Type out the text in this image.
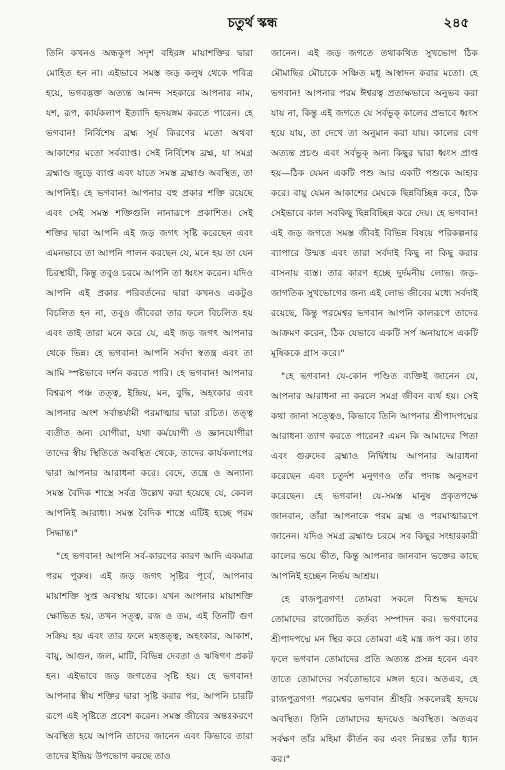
চতুর্থ স্কন্ধ	২৪৫

তিনি কখনও অন্ধকূপ সদৃশ বহিরঙ্গ মায়াশক্তির দ্বারা মোহিত হন না। এইভাবে সমস্ত জড় কলুষ থেকে পবিত্র হয়ে, ভগবদ্ভক্ত অত্যন্ত আনন্দ সহকারে আপনার নাম, যশ, রূপ, কার্যকলাপ ইত্যাদি হৃদয়ঙ্গম করতে পারেন। হে ভগবান! নির্বিশেষ ব্রহ্ম সূর্য কিরণের মতো অথবা আকাশের মতো সর্বব্যাপ্ত। সেই নির্বিশেষ ব্রহ্ম, যা সমগ্র ব্রহ্মাণ্ড জুড়ে ব্যাপ্ত এবং যাতে সমস্ত ব্রহ্মাণ্ড অবস্থিত, তা আপনিই। হে ভগবান! আপনার বহু প্রকার শক্তি রয়েছে এবং সেই সমস্ত শক্তিগুলি নানারূপে প্রকাশিত। সেই শক্তির দ্বারা আপনি এই জড় জগৎ সৃষ্টি করেছেন এবং এমনভাবে তা আপনি পালন করছেন যে, মনে হয় তা যেন চিরস্থায়ী, কিন্তু তবুও চরমে আপনি তা ধ্বংস করেন। যদিও আপনি এই প্রকার পরিবর্তনের দ্বারা কখনও একটুও বিচলিত হন না, তবুও জীবেরা তার ফলে বিচলিত হয় এবং তাই তারা মনে করে যে, এই জড় জগৎ আপনার থেকে ভিন্ন। হে ভগবান! আপনি সর্বদা স্বতন্ত্র এবং তা আমি স্পষ্টভাবে দর্শন করতে পারি। হে ভগবান! আপনার বিশ্বরূপ পঞ্চ তত্ত্ব, ইন্দ্রিয়, মন, বুদ্ধি, অহংকার এবং আপনার অংশ সর্বান্তর্যামী পরমাত্মার দ্বারা রচিত। তত্ত্ব ব্যতীত অন্য যোগীরা, যথা কর্মযোগী ও জ্ঞানযোগীরা তাদের স্বীয় স্থিতিতে অবস্থিত থেকে, তাদের কার্যকলাপের দ্বারা আপনার আরাধনা করে। বেদে, তন্ত্রে ও অন্যান্য সমস্ত বৈদিক শাস্ত্রে সর্বত্র উল্লেখ করা হয়েছে যে, কেবল আপনিই আরাধ্য। সমস্ত বৈদিক শাস্ত্রে এটিই হচ্ছে পরম সিদ্ধান্ত।"

"হে ভগবান! আপনি সর্ব-কারণের কারণ আদি একমাত্র পরম পুরুষ। এই জড় জগৎ সৃষ্টির পূর্বে, আপনার মায়াশক্তি সুপ্ত অবস্থায় থাকে। যখন আপনার মায়াশক্তি ক্ষোভিত হয়, তখন সত্ত্ব, রজ ও তম, এই তিনটি গুণ সক্রিয় হয় এবং তার ফলে মহত্তত্ত্ব, অহংকার, আকাশ, বায়ু, আগুন, জল, মাটি, বিভিন্ন দেবতা ও ঋষিগণ প্রকট হন। এইভাবে জড় জগতের সৃষ্টি হয়। হে ভগবান! আপনার স্বীয় শক্তির দ্বারা সৃষ্টি করার পর, আপনি চারটি রূপে এই সৃষ্টিতে প্রবেশ করেন। সমস্ত জীবের অন্তঃকরণে অবস্থিত হয়ে আপনি তাদের জানেন এবং কিভাবে তারা তাদের ইন্দ্রিয় উপভোগ করছে তাও

জানেন। এই জড় জগতে তথাকথিত সুখভোগ ঠিক মৌমাছির মৌচাকে সঞ্চিত মধু আস্বাদন করার মতো। হে ভগবান! আপনার পরম ঈশ্বরত্ব প্রত্যক্ষভাবে অনুভব করা যায় না, কিন্তু এই জগতে যে সর্বভুক্ কালের প্রভাবে ধ্বংস হয়ে যায়, তা দেখে তা অনুমান করা যায়। কালের বেগ অত্যন্ত প্রচণ্ড এবং সর্বভুক্ অন্য কিছুর দ্বারা ধ্বংস প্রাপ্ত হয়—ঠিক যেমন একটি পশু আর একটি পশুকে আহার করে। বায়ু যেমন আকাশের মেঘকে ছিন্নবিচ্ছিন্ন করে, ঠিক সেইভাবে কাল সবকিছু ছিন্নবিচ্ছিন্ন করে দেয়। হে ভগবান! এই জড় জগতে সমস্ত জীবই বিভিন্ন বিষয়ে পরিকল্পনার ব্যাপারে উন্মত্ত এবং তারা সর্বদাই কিছু না কিছু করার বাসনায় ব্যস্ত। তার কারণ হচ্ছে দুর্দমনীয় লোভ। জড়-জাগতিক সুখভোগের জন্য এই লোভ জীবের মধ্যে সর্বদাই রয়েছে, কিন্তু পরমেশ্বর ভগবান আপনি কালরূপে তাদের আক্রমণ করেন, ঠিক যেভাবে একটি সর্প অনায়াসে একটি মূষিককে গ্রাস করে।"

"হে ভগবান! যে-কোন পণ্ডিত ব্যক্তিই জানেন যে, আপনার আরাধনা না করলে সমগ্র জীবন ব্যর্থ হয়। সেই কথা জানা সত্ত্বেও, কিভাবে তিনি আপনার শ্রীপাদপদ্মের আরাধনা ত্যাগ করতে পারেন? এমন কি আমাদের পিতা এবং গুরুদেব ব্রহ্মাও নির্দ্বিধায় আপনার আরাধনা করেছেন এবং চতুর্দশ মনুগণও তাঁর পদাঙ্ক অনুসরণ করেছেন। হে ভগবান! যে-সমস্ত মানুষ প্রকৃতপক্ষে জানবান, তাঁরা আপনাকে পরম ব্রহ্ম ও পরমাত্মারূপে জানেন। যদিও সমগ্র ব্রহ্মাণ্ড চরমে সব কিছুর সংহারকারী কালের ভয়ে ভীত, কিন্তু আপনার জানবান ভক্তের কাছে আপনিই হচ্ছেন নির্ভয় আশ্রয়।

হে রাজপুত্রগণ! তোমরা সকলে বিশুদ্ধ হৃদয়ে তোমাদের রাজোচিত কর্তব্য সম্পাদন কর। ভগবানের শ্রীপাদপদ্মে মন স্থির করে তোমরা এই মন্ত্র জপ কর। তার ফলে ভগবান তোমাদের প্রতি অত্যন্ত প্রসন্ন হবেন এবং তাতে তোমাদের সর্বতোভাবে মঙ্গল হবে। অতএব, হে রাজপুত্রগণ! পরমেশ্বর ভগবান শ্রীহরি সকলেরই হৃদয়ে অবস্থিত। তিনি তোমাদের হৃদয়েও অবস্থিত। অতএব সর্বক্ষণ তাঁর মহিমা কীর্তন কর এবং নিরন্তর তাঁর ধ্যান কর।"
